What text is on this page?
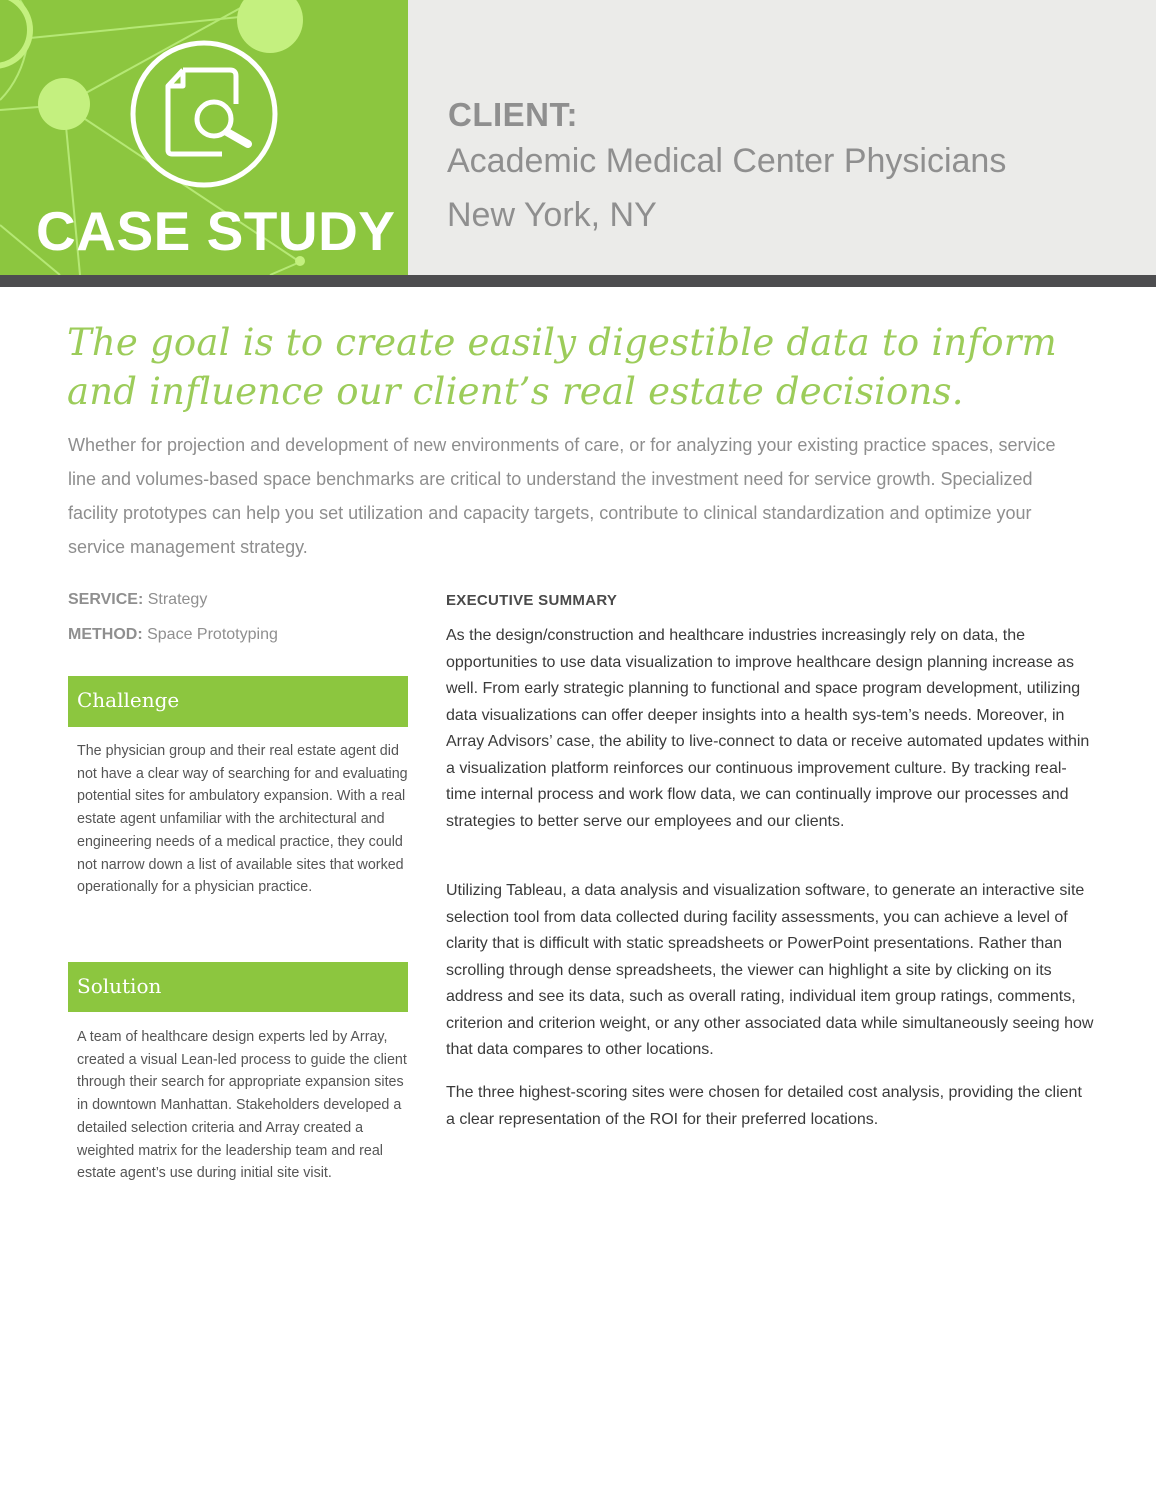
CASE STUDY
CLIENT:
Academic Medical Center Physicians
New York, NY
The goal is to create easily digestible data to inform
and influence our client’s real estate decisions.
Whether for projection and development of new environments of care, or for analyzing your existing practice spaces, service line and volumes-based space benchmarks are critical to understand the investment need for service growth. Specialized facility prototypes can help you set utilization and capacity targets, contribute to clinical standardization and optimize your service management strategy.
SERVICE: Strategy
METHOD: Space Prototyping
Challenge
The physician group and their real estate agent did not have a clear way of searching for and evaluating potential sites for ambulatory expansion. With a real estate agent unfamiliar with the architectural and engineering needs of a medical practice, they could not narrow down a list of available sites that worked operationally for a physician practice.
Solution
A team of healthcare design experts led by Array, created a visual Lean-led process to guide the client through their search for appropriate expansion sites in downtown Manhattan. Stakeholders developed a detailed selection criteria and Array created a weighted matrix for the leadership team and real estate agent’s use during initial site visit.
EXECUTIVE SUMMARY

As the design/construction and healthcare industries increasingly rely on data, the opportunities to use data visualization to improve healthcare design planning increase as well. From early strategic planning to functional and space program development, utilizing data visualizations can offer deeper insights into a health sys-tem’s needs. Moreover, in Array Advisors’ case, the ability to live-connect to data or receive automated updates within a visualization platform reinforces our continuous improvement culture. By tracking real-time internal process and work flow data, we can continually improve our processes and strategies to better serve our employees and our clients.

Utilizing Tableau, a data analysis and visualization software, to generate an interactive site selection tool from data collected during facility assessments, you can achieve a level of clarity that is difficult with static spreadsheets or PowerPoint presentations. Rather than scrolling through dense spreadsheets, the viewer can highlight a site by clicking on its address and see its data, such as overall rating, individual item group ratings, comments, criterion and criterion weight, or any other associated data while simultaneously seeing how that data compares to other locations.

The three highest-scoring sites were chosen for detailed cost analysis, providing the client a clear representation of the ROI for their preferred locations.
